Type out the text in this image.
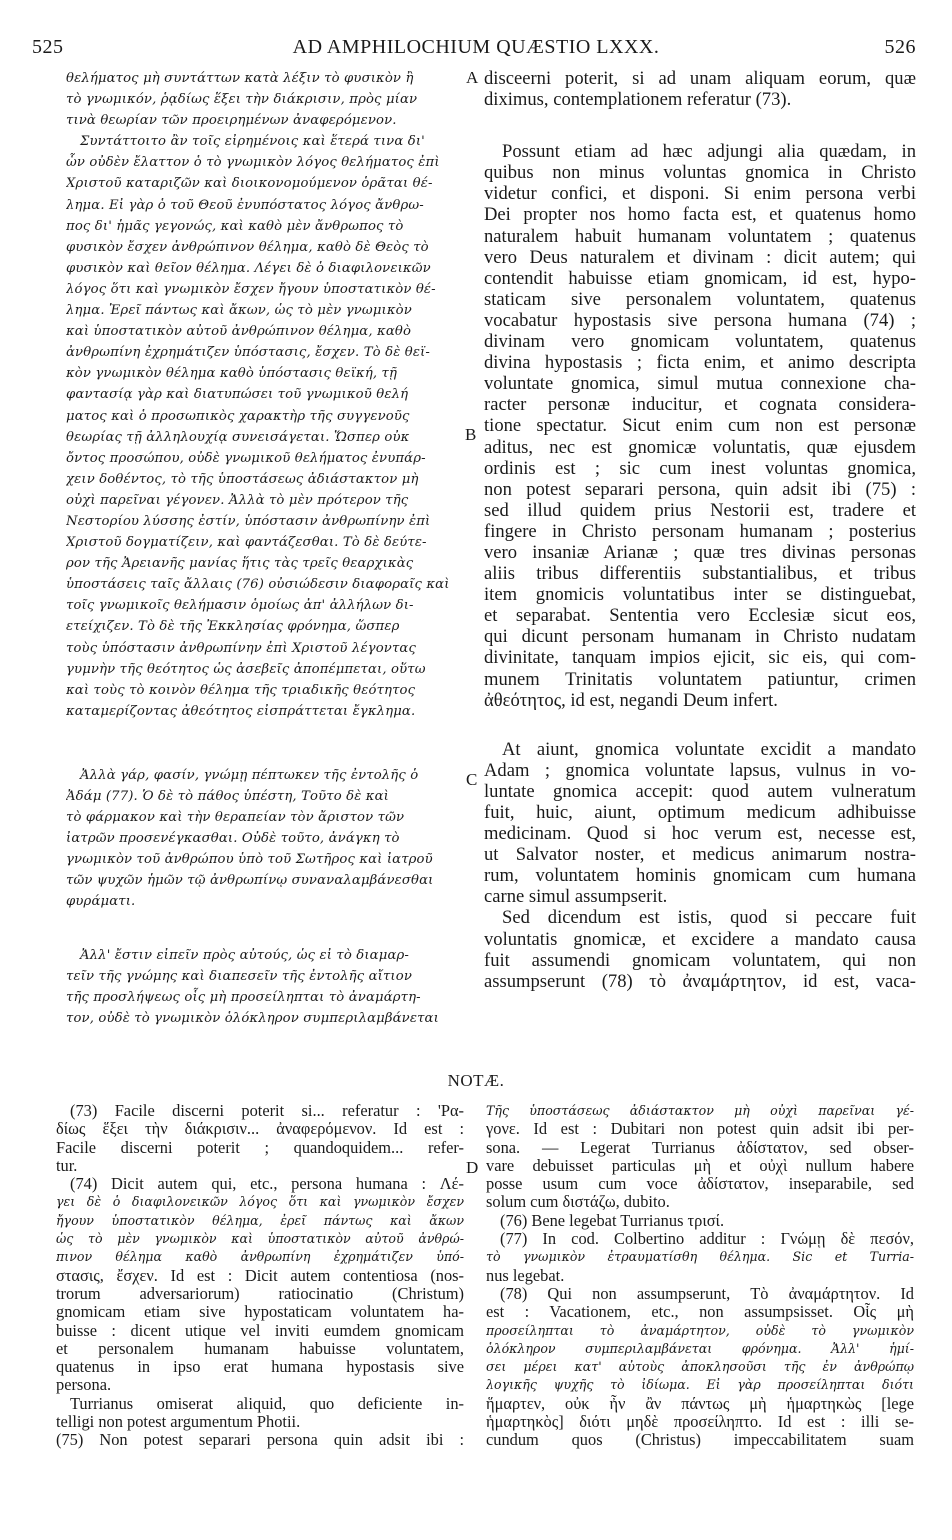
525	AD AMPHILOCHIUM QUÆSTIO LXXX.	526
A
B
C
D
θελήματος μὴ συντάττων κατὰ λέξιν τὸ φυσικὸν ἢ
τὸ γνωμικόν, ῥᾳδίως ἕξει τὴν διάκρισιν, πρὸς μίαν
τινὰ θεωρίαν τῶν προειρημένων ἀναφερόμενον.
Συντάττοιτο ἂν τοῖς εἰρημένοις καὶ ἕτερά τινα δι'
ὧν οὐδὲν ἔλαττον ὁ τὸ γνωμικὸν λόγος θελήματος ἐπὶ
Χριστοῦ καταριζῶν καὶ διοικονομούμενον ὁρᾶται θέ-
λημα. Εἰ γὰρ ὁ τοῦ Θεοῦ ἐνυπόστατος λόγος ἄνθρω-
πος δι' ἡμᾶς γεγονώς, καὶ καθὸ μὲν ἄνθρωπος τὸ
φυσικὸν ἔσχεν ἀνθρώπινον θέλημα, καθὸ δὲ Θεὸς τὸ
φυσικὸν καὶ θεῖον θέλημα. Λέγει δὲ ὁ διαφιλονεικῶν
λόγος ὅτι καὶ γνωμικὸν ἔσχεν ἤγουν ὑποστατικὸν θέ-
λημα. Ἐρεῖ πάντως καὶ ἄκων, ὡς τὸ μὲν γνωμικὸν
καὶ ὑποστατικὸν αὐτοῦ ἀνθρώπινον θέλημα, καθὸ
ἀνθρωπίνη ἐχρημάτιζεν ὑπόστασις, ἔσχεν. Τὸ δὲ θεϊ-
κὸν γνωμικὸν θέλημα καθὸ ὑπόστασις θεϊκή, τῇ
φαντασίᾳ γὰρ καὶ διατυπώσει τοῦ γνωμικοῦ θελή
ματος καὶ ὁ προσωπικὸς χαρακτὴρ τῆς συγγενοῦς
θεωρίας τῇ ἀλληλουχίᾳ συνεισάγεται. Ὥσπερ οὐκ
ὄντος προσώπου, οὐδὲ γνωμικοῦ θελήματος ἐνυπάρ-
χειν δοθέντος, τὸ τῆς ὑποστάσεως ἀδιάστακτον μὴ
οὐχὶ παρεῖναι γέγονεν. Ἀλλὰ τὸ μὲν πρότερον τῆς
Νεστορίου λύσσης ἐστίν, ὑπόστασιν ἀνθρωπίνην ἐπὶ
Χριστοῦ δογματίζειν, καὶ φαντάζεσθαι. Τὸ δὲ δεύτε-
ρον τῆς Ἀρειανῆς μανίας ἥτις τὰς τρεῖς θεαρχικὰς
ὑποστάσεις ταῖς ἄλλαις (76) οὐσιώδεσιν διαφοραῖς καὶ
τοῖς γνωμικοῖς θελήμασιν ὁμοίως ἀπ' ἀλλήλων δι-
ετείχιζεν. Τὸ δὲ τῆς Ἐκκλησίας φρόνημα, ὥσπερ
τοὺς ὑπόστασιν ἀνθρωπίνην ἐπὶ Χριστοῦ λέγοντας
γυμνὴν τῆς θεότητος ὡς ἀσεβεῖς ἀποπέμπεται, οὕτω
καὶ τοὺς τὸ κοινὸν θέλημα τῆς τριαδικῆς θεότητος
καταμερίζοντας ἀθεότητος εἰσπράττεται ἔγκλημα.
Ἀλλὰ γάρ, φασίν, γνώμῃ πέπτωκεν τῆς ἐντολῆς ὁ
Ἀδάμ (77). Ὁ δὲ τὸ πάθος ὑπέστη, Τοῦτο δὲ καὶ
τὸ φάρμακον καὶ τὴν θεραπείαν τὸν ἄριστον τῶν
ἰατρῶν προσενέγκασθαι. Οὐδὲ τοῦτο, ἀνάγκη τὸ
γνωμικὸν τοῦ ἀνθρώπου ὑπὸ τοῦ Σωτῆρος καὶ ἰατροῦ
τῶν ψυχῶν ἡμῶν τῷ ἀνθρωπίνῳ συναναλαμβάνεσθαι
φυράματι.
Ἀλλ' ἔστιν εἰπεῖν πρὸς αὐτούς, ὡς εἰ τὸ διαμαρ-
τεῖν τῆς γνώμης καὶ διαπεσεῖν τῆς ἐντολῆς αἴτιον
τῆς προσλήψεως οἷς μὴ προσείληπται τὸ ἀναμάρτη-
τον, οὐδὲ τὸ γνωμικὸν ὁλόκληρον συμπεριλαμβάνεται
disceerni poterit, si ad unam aliquam eorum, quæ
diximus, contemplationem referatur (73).
Possunt etiam ad hæc adjungi alia quædam, in
quibus non minus voluntas gnomica in Christo
videtur confici, et disponi. Si enim persona verbi
Dei propter nos homo facta est, et quatenus homo
naturalem habuit humanam voluntatem ; quatenus
vero Deus naturalem et divinam : dicit autem; qui
contendit habuisse etiam gnomicam, id est, hypo-
staticam sive personalem voluntatem, quatenus
vocabatur hypostasis sive persona humana (74) ;
divinam vero gnomicam voluntatem, quatenus
divina hypostasis ; ficta enim, et animo descripta
voluntate gnomica, simul mutua connexione cha-
racter personæ inducitur, et cognata considera-
tione spectatur. Sicut enim cum non est personæ
aditus, nec est gnomicæ voluntatis, quæ ejusdem
ordinis est ; sic cum inest voluntas gnomica,
non potest separari persona, quin adsit ibi (75) :
sed illud quidem prius Nestorii est, tradere et
fingere in Christo personam humanam ; posterius
vero insaniæ Arianæ ; quæ tres divinas personas
aliis tribus differentiis substantialibus, et tribus
item gnomicis voluntatibus inter se distinguebat,
et separabat. Sententia vero Ecclesiæ sicut eos,
qui dicunt personam humanam in Christo nudatam
divinitate, tanquam impios ejicit, sic eis, qui com-
munem Trinitatis voluntatem patiuntur, crimen
ἀθεότητος, id est, negandi Deum infert.
At aiunt, gnomica voluntate excidit a mandato
Adam ; gnomica voluntate lapsus, vulnus in vo-
luntate gnomica accepit: quod autem vulneratum
fuit, huic, aiunt, optimum medicum adhibuisse
medicinam. Quod si hoc verum est, necesse est,
ut Salvator noster, et medicus animarum nostra-
rum, voluntatem hominis gnomicam cum humana
carne simul assumpserit.
Sed dicendum est istis, quod si peccare fuit
voluntatis gnomicæ, et excidere a mandato causa
fuit assumendi gnomicam voluntatem, qui non
assumpserunt (78) τὸ ἀναμάρτητον, id est, vaca-
NOTÆ.
(73) Facile discerni poterit si... referatur : 'Ρα-
δίως ἕξει τὴν διάκρισιν... ἀναφερόμενον. Id est :
Facile discerni poterit ; quandoquidem... refer-
tur.
(74) Dicit autem qui, etc., persona humana : Λέ-
γει δὲ ὁ διαφιλονεικῶν λόγος ὅτι καὶ γνωμικὸν ἔσχεν
ἤγουν ὑποστατικὸν θέλημα, ἐρεῖ πάντως καὶ ἄκων
ὡς τὸ μὲν γνωμικὸν καὶ ὑποστατικὸν αὐτοῦ ἀνθρώ-
πινον θέλημα καθὸ ἀνθρωπίνη ἐχρημάτιζεν ὑπό-
στασις, ἔσχεν. Id est : Dicit autem contentiosa (nos-
trorum adversariorum) ratiocinatio (Christum)
gnomicam etiam sive hypostaticam voluntatem ha-
buisse : dicent utique vel inviti eumdem gnomicam
et personalem humanam habuisse voluntatem,
quatenus in ipso erat humana hypostasis sive
persona.
Turrianus omiserat aliquid, quo deficiente in-
telligi non potest argumentum Photii.
(75) Non potest separari persona quin adsit ibi :
Τῆς ὑποστάσεως ἀδιάστακτον μὴ οὐχὶ παρεῖναι γέ-
γονε. Id est : Dubitari non potest quin adsit ibi per-
sona. — Legerat Turrianus ἀδίστατον, sed obser-
vare debuisset particulas μὴ et οὐχὶ nullum habere
posse usum cum voce ἀδίστατον, inseparabile, sed
solum cum διστάζω, dubito.
(76) Bene legebat Turrianus τρισί.
(77) In cod. Colbertino additur : Γνώμῃ δὲ πεσόν,
τὸ γνωμικὸν ἐτραυματίσθη θέλημα. Sic et Turria-
nus legebat.
(78) Qui non assumpserunt, Τὸ ἀναμάρτητον. Id
est : Vacationem, etc., non assumpsisset. Οἷς μὴ
προσείληπται τὸ ἀναμάρτητον, οὐδὲ τὸ γνωμικὸν
ὁλόκληρον συμπεριλαμβάνεται φρόνημα. Ἀλλ' ἡμί-
σει μέρει κατ' αὐτοὺς ἀποκλησοῦσι τῆς ἐν ἀνθρώπῳ
λογικῆς ψυχῆς τὸ ἰδίωμα. Εἰ γὰρ προσείληπται διότι
ἥμαρτεν, οὐκ ἦν ἂν πάντως μὴ ἡμαρτηκὼς [lege
ἡμαρτηκὸς] διότι μηδὲ προσείληπτο. Id est : illi se-
cundum quos (Christus) impeccabilitatem suam
